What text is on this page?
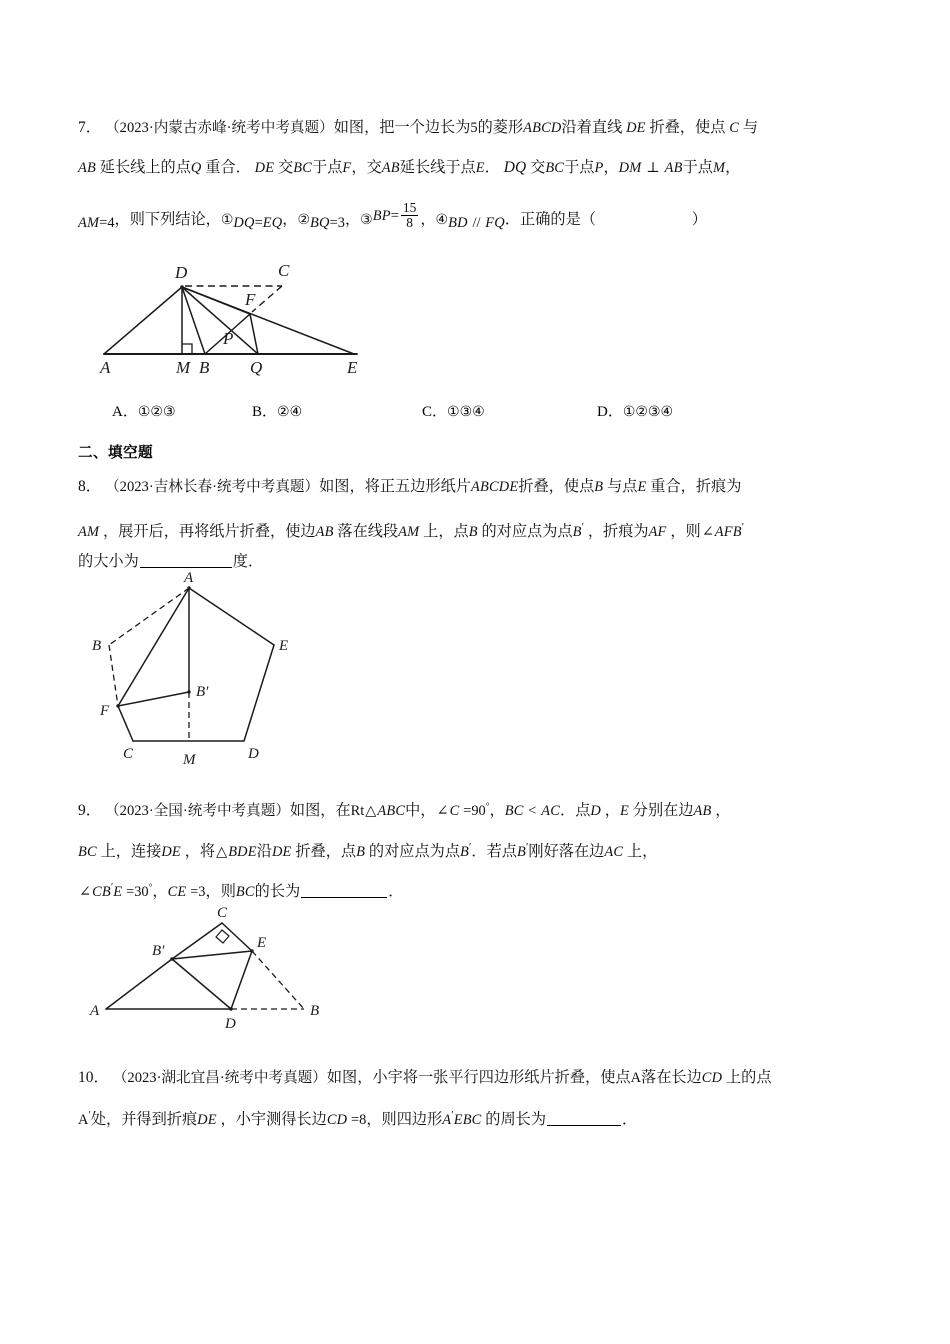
7． （2023·内蒙古赤峰·统考中考真题）如图，把一个边长为5的菱形ABCD沿着直线 DE 折叠，使点 C 与
AB 延长线上的点Q 重合． DE 交BC于点F，交AB延长线于点E． DQ 交BC于点P，DM ⊥ AB于点M，
AM=4，则下列结论，①DQ=EQ，②BQ=3，③BP= $\frac{15}{8}$ ，④BD // FQ．正确的是（	）
A	M B Q	E
D	C
F
P
A．①②③	B．②④	C．①③④	D．①②③④
二、填空题
8． （2023·吉林长春·统考中考真题）如图，将正五边形纸片ABCDE折叠，使点B 与点E 重合，折痕为
AM ，展开后，再将纸片折叠，使边AB 落在线段AM 上，点B 的对应点为点B′ ，折痕为AF ，则∠AFB′
的大小为	度．
A
B
C	D
E
F
M
B′
9． （2023·全国·统考中考真题）如图，在Rt△ABC中，∠C =90°，BC < AC．点D ，E 分别在边AB ，
BC 上，连接DE ，将△BDE沿DE 折叠，点B 的对应点为点B′．若点B′刚好落在边AC 上，
∠CB′E =30°，CE =3，则BC的长为	．
A	B
C
D
E
B′
10． （2023·湖北宜昌·统考中考真题）如图，小宇将一张平行四边形纸片折叠，使点A落在长边CD 上的点
A′处，并得到折痕DE ，小宇测得长边CD =8，则四边形A′EBC 的周长为	．
